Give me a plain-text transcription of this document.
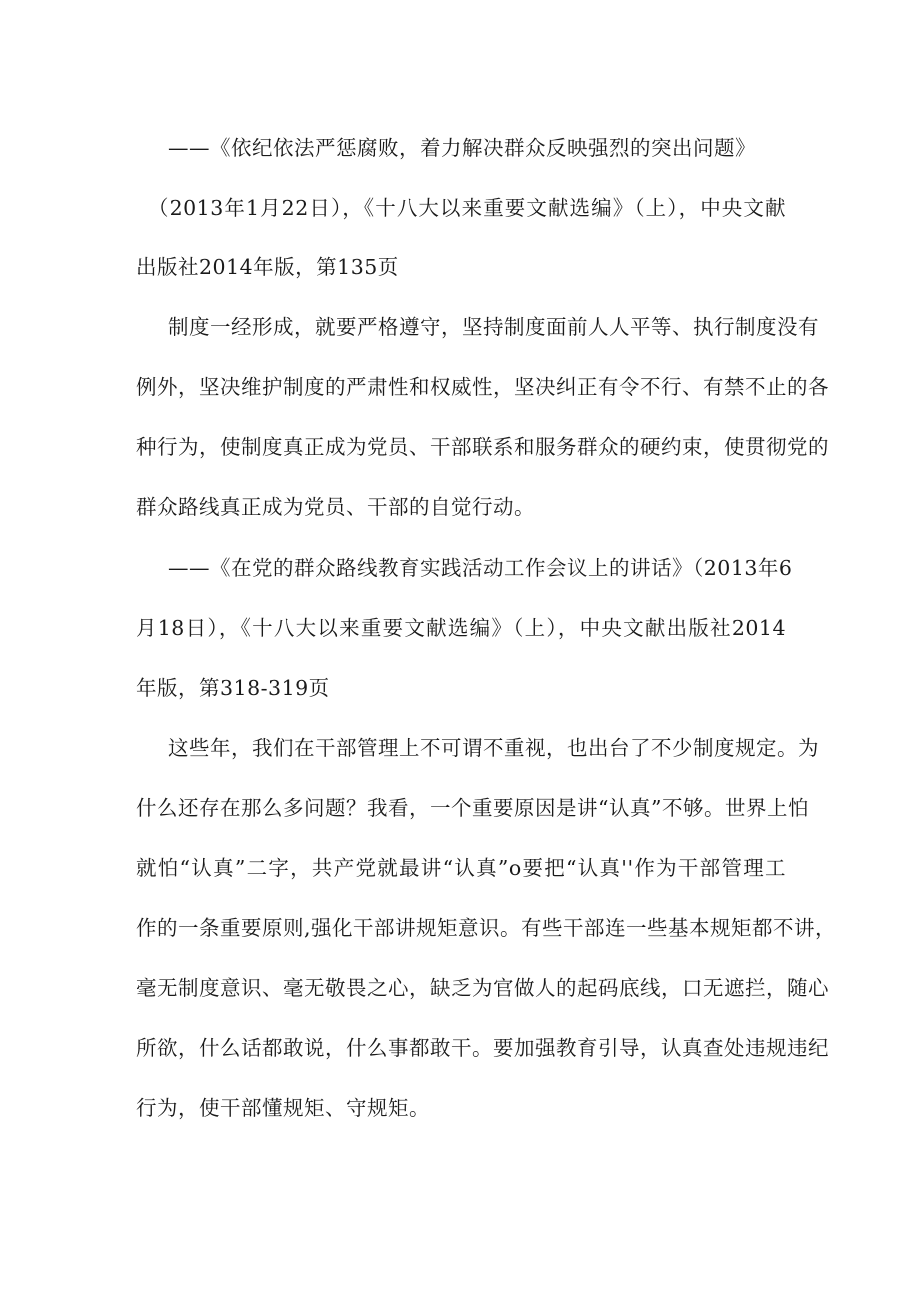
——《依纪依法严惩腐败，着力解决群众反映强烈的突出问题》
（2013年1月22日），《十八大以来重要文献选编》（上），中央文献
出版社2014年版，第135页
制度一经形成，就要严格遵守，坚持制度面前人人平等、执行制度没有
例外，坚决维护制度的严肃性和权威性，坚决纠正有令不行、有禁不止的各
种行为，使制度真正成为党员、干部联系和服务群众的硬约束，使贯彻党的
群众路线真正成为党员、干部的自觉行动。
——《在党的群众路线教育实践活动工作会议上的讲话》（2013年6
月18日），《十八大以来重要文献选编》（上），中央文献出版社2014
年版，第318-319页
这些年，我们在干部管理上不可谓不重视，也出台了不少制度规定。为
什么还存在那么多问题？我看，一个重要原因是讲“认真”不够。世界上怕
就怕“认真”二字，共产党就最讲“认真”o要把“认真''作为干部管理工
作的一条重要原则,强化干部讲规矩意识。有些干部连一些基本规矩都不讲，
毫无制度意识、毫无敬畏之心，缺乏为官做人的起码底线，口无遮拦，随心
所欲，什么话都敢说，什么事都敢干。要加强教育引导，认真查处违规违纪
行为，使干部懂规矩、守规矩。
